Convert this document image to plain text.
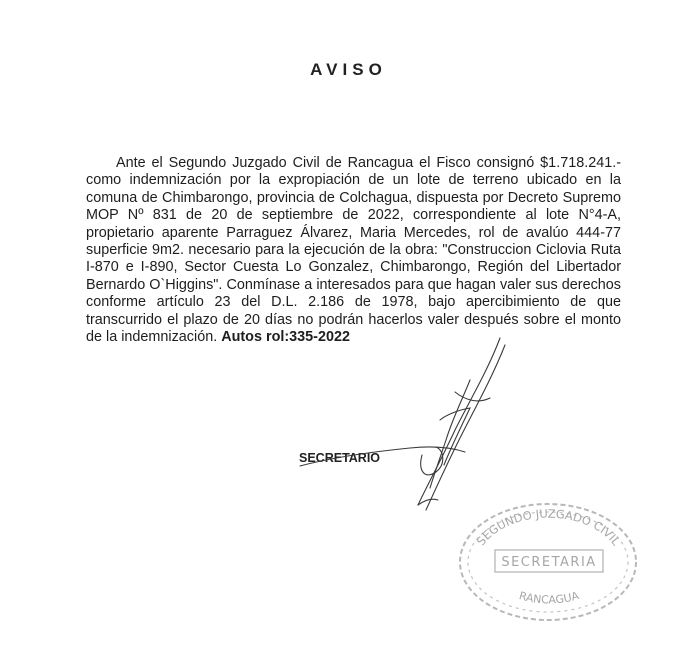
AVISO
Ante el Segundo Juzgado Civil de Rancagua el Fisco consignó $1.718.241.- como indemnización por la expropiación de un lote de terreno ubicado en la comuna de Chimbarongo, provincia de Colchagua, dispuesta por Decreto Supremo MOP Nº 831 de 20 de septiembre de 2022, correspondiente al lote N°4-A, propietario aparente Parraguez Álvarez, Maria Mercedes, rol de avalúo 444-77 superficie 9m2. necesario para la ejecución de la obra: "Construccion Ciclovia Ruta I-870 e I-890, Sector Cuesta Lo Gonzalez, Chimbarongo, Región del Libertador Bernardo O`Higgins". Conmínase a interesados para que hagan valer sus derechos conforme artículo 23 del D.L. 2.186 de 1978, bajo apercibimiento de que transcurrido el plazo de 20 días no podrán hacerlos valer después sobre el monto de la indemnización. Autos rol:335-2022
SECRETARIO
SEGUNDO JUZGADO CIVIL
SECRETARIA
RANCAGUA
